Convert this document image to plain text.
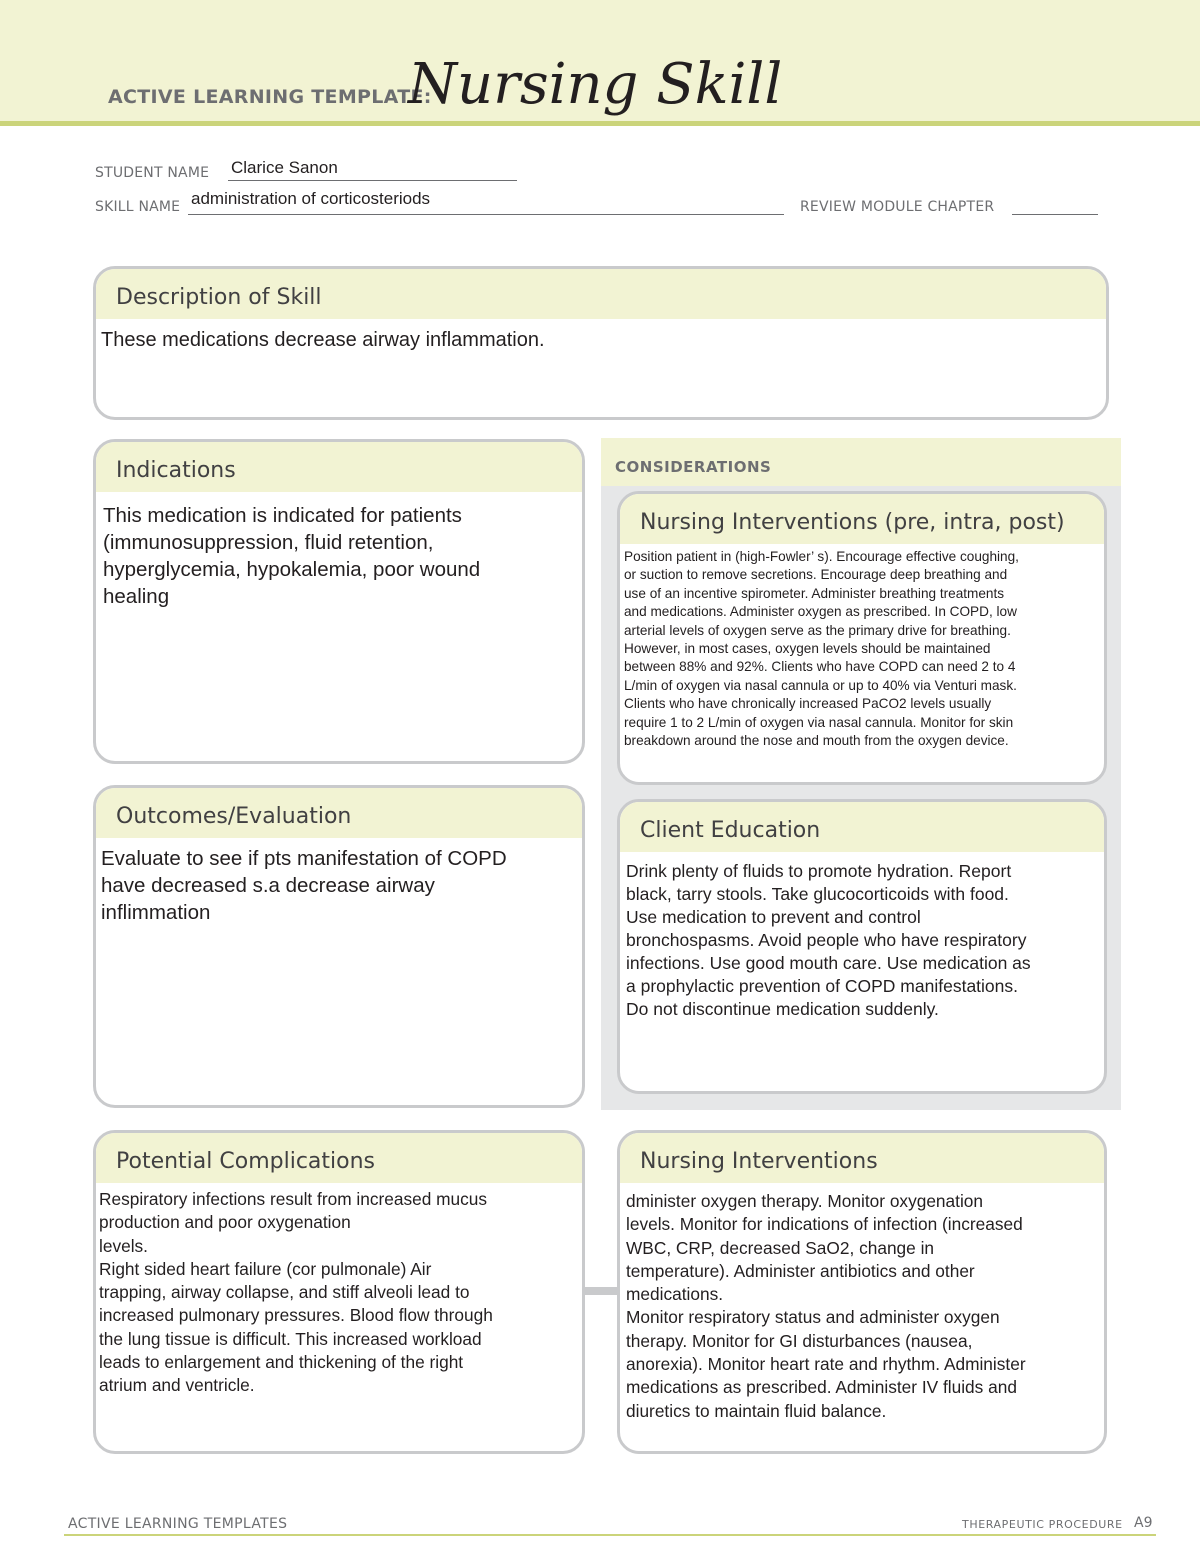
ACTIVE LEARNING TEMPLATE:
Nursing Skill
STUDENT NAME Clarice Sanon
SKILL NAME administration of corticosteriods	REVIEW MODULE CHAPTER
Description of Skill
These medications decrease airway inflammation.
CONSIDERATIONS
Indications
This medication is indicated for patients
(immunosuppression, fluid retention,
hyperglycemia, hypokalemia, poor wound
healing
Nursing Interventions (pre, intra, post)
Position patient in (high-Fowler’ s). Encourage effective coughing,
or suction to remove secretions. Encourage deep breathing and
use of an incentive spirometer. Administer breathing treatments
and medications. Administer oxygen as prescribed. In COPD, low
arterial levels of oxygen serve as the primary drive for breathing.
However, in most cases, oxygen levels should be maintained
between 88% and 92%. Clients who have COPD can need 2 to 4
L/min of oxygen via nasal cannula or up to 40% via Venturi mask.
Clients who have chronically increased PaCO2 levels usually
require 1 to 2 L/min of oxygen via nasal cannula. Monitor for skin
breakdown around the nose and mouth from the oxygen device.
Outcomes/Evaluation
Evaluate to see if pts manifestation of COPD
have decreased s.a decrease airway
inflimmation
Client Education
Drink plenty of fluids to promote hydration. Report
black, tarry stools. Take glucocorticoids with food.
Use medication to prevent and control
bronchospasms. Avoid people who have respiratory
infections. Use good mouth care. Use medication as
a prophylactic prevention of COPD manifestations.
Do not discontinue medication suddenly.
Potential Complications
Respiratory infections result from increased mucus
production and poor oxygenation
levels.
Right sided heart failure (cor pulmonale) Air
trapping, airway collapse, and stiff alveoli lead to
increased pulmonary pressures. Blood flow through
the lung tissue is difficult. This increased workload
leads to enlargement and thickening of the right
atrium and ventricle.
Nursing Interventions
dminister oxygen therapy. Monitor oxygenation
levels. Monitor for indications of infection (increased
WBC, CRP, decreased SaO2, change in
temperature). Administer antibiotics and other
medications.
Monitor respiratory status and administer oxygen
therapy. Monitor for GI disturbances (nausea,
anorexia). Monitor heart rate and rhythm. Administer
medications as prescribed. Administer IV fluids and
diuretics to maintain fluid balance.
ACTIVE LEARNING TEMPLATES	THERAPEUTIC PROCEDURE A9
